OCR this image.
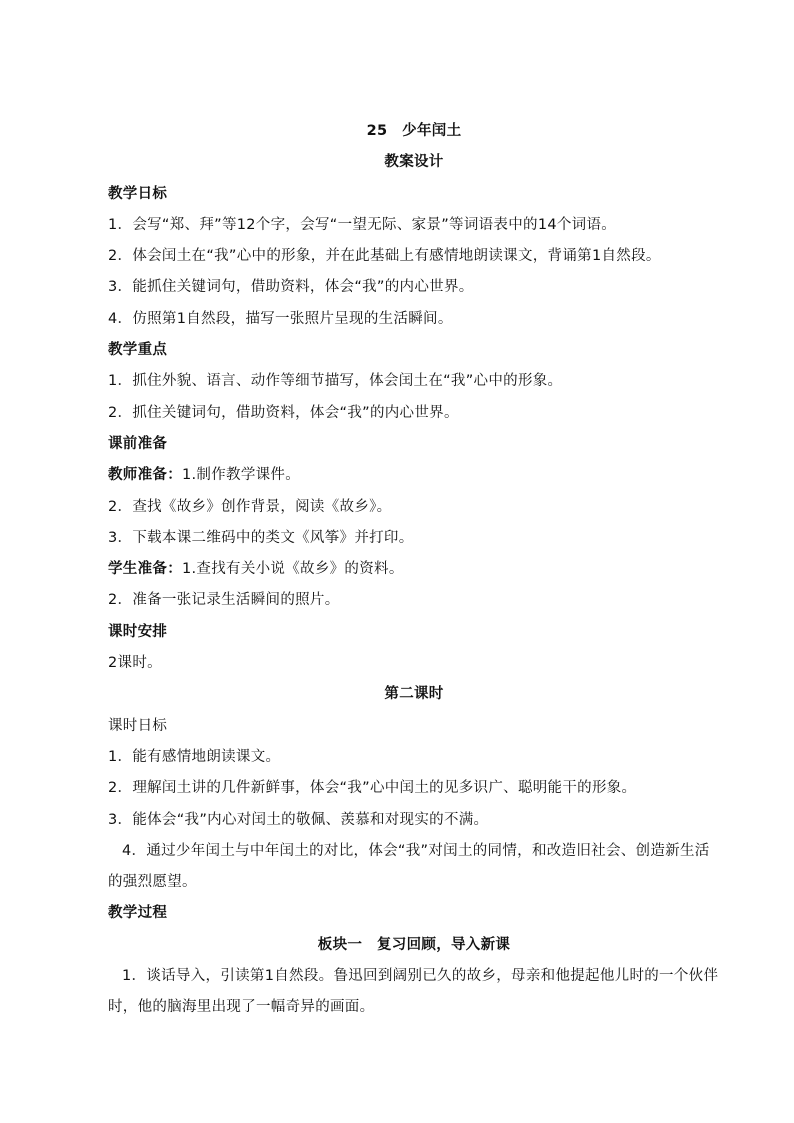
25　少年闰土
教案设计
教学日标
1．会写“郑、拜”等12个字，会写“一望无际、家景”等词语表中的14个词语。
2．体会闰土在“我”心中的形象，并在此基础上有感情地朗读课文，背诵第1自然段。
3．能抓住关键词句，借助资料，体会“我”的内心世界。
4．仿照第1自然段，描写一张照片呈现的生活瞬间。
教学重点
1．抓住外貌、语言、动作等细节描写，体会闰土在“我”心中的形象。
2．抓住关键词句，借助资料，体会“我”的内心世界。
课前准备
教师准备：1.制作教学课件。
2．查找《故乡》创作背景，阅读《故乡》。
3．下载本课二维码中的类文《风筝》并打印。
学生准备：1.查找有关小说《故乡》的资料。
2．准备一张记录生活瞬间的照片。
课时安排
2课时。
第二课时
课时日标
1．能有感情地朗读课文。
2．理解闰土讲的几件新鲜事，体会“我”心中闰土的见多识广、聪明能干的形象。
3．能体会“我”内心对闰土的敬佩、羡慕和对现实的不满。
4．通过少年闰土与中年闰土的对比，体会“我”对闰土的同情，和改造旧社会、创造新生活的强烈愿望。
教学过程
板块一　复习回顾，导入新课
1．谈话导入，引读第1自然段。鲁迅回到阔别已久的故乡，母亲和他提起他儿时的一个伙伴时，他的脑海里出现了一幅奇异的画面。
